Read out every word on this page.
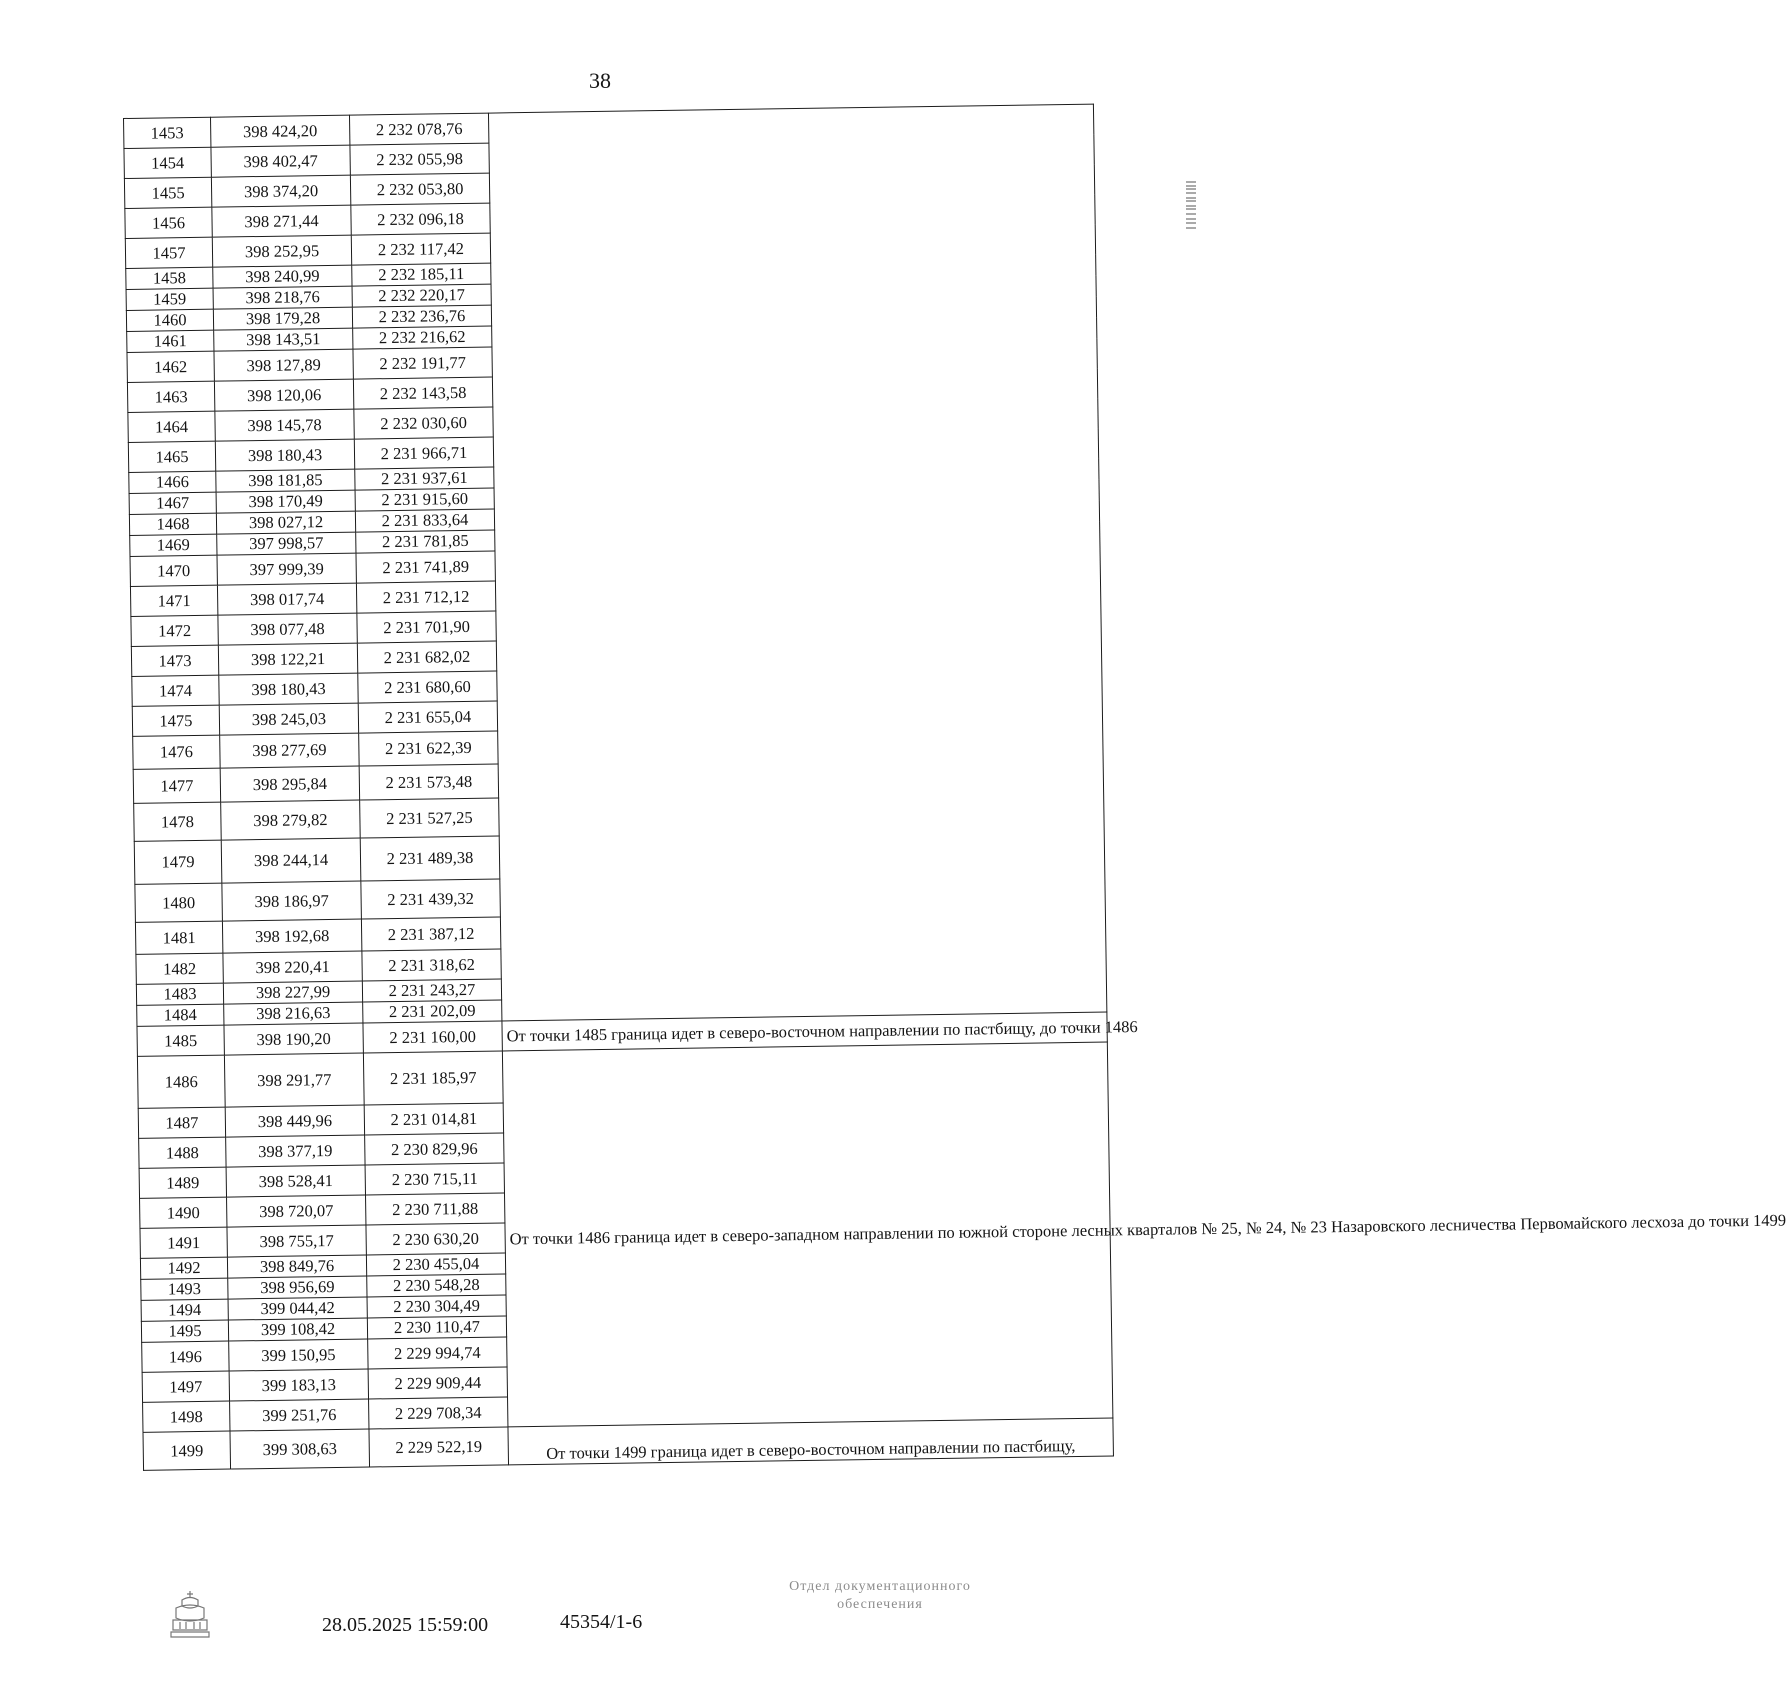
38
1453	398 424,20	2 232 078,76	
1454	398 402,47	2 232 055,98	
1455	398 374,20	2 232 053,80	
1456	398 271,44	2 232 096,18	
1457	398 252,95	2 232 117,42	
1458	398 240,99	2 232 185,11	
1459	398 218,76	2 232 220,17	
1460	398 179,28	2 232 236,76	
1461	398 143,51	2 232 216,62	
1462	398 127,89	2 232 191,77	
1463	398 120,06	2 232 143,58	
1464	398 145,78	2 232 030,60	
1465	398 180,43	2 231 966,71	
1466	398 181,85	2 231 937,61	
1467	398 170,49	2 231 915,60	
1468	398 027,12	2 231 833,64	
1469	397 998,57	2 231 781,85	
1470	397 999,39	2 231 741,89	
1471	398 017,74	2 231 712,12	
1472	398 077,48	2 231 701,90	
1473	398 122,21	2 231 682,02	
1474	398 180,43	2 231 680,60	
1475	398 245,03	2 231 655,04	
1476	398 277,69	2 231 622,39	
1477	398 295,84	2 231 573,48	
1478	398 279,82	2 231 527,25	
1479	398 244,14	2 231 489,38	
1480	398 186,97	2 231 439,32	
1481	398 192,68	2 231 387,12	
1482	398 220,41	2 231 318,62	
1483	398 227,99	2 231 243,27	
1484	398 216,63	2 231 202,09	
1485	398 190,20	2 231 160,00	От точки 1485 граница идет в северо-восточном направлении по пастбищу, до точки 1486
1486	398 291,77	2 231 185,97	От точки 1486 граница идет в северо-западном направлении по южной стороне лесных кварталов № 25, № 24, № 23 Назаровского лесничества Первомайского лесхоза до точки 1499
1487	398 449,96	2 231 014,81	
1488	398 377,19	2 230 829,96	
1489	398 528,41	2 230 715,11	
1490	398 720,07	2 230 711,88	
1491	398 755,17	2 230 630,20	
1492	398 849,76	2 230 455,04	
1493	398 956,69	2 230 548,28	
1494	399 044,42	2 230 304,49	
1495	399 108,42	2 230 110,47	
1496	399 150,95	2 229 994,74	
1497	399 183,13	2 229 909,44	
1498	399 251,76	2 229 708,34	
1499	399 308,63	2 229 522,19	От точки 1499 граница идет в северо-восточном направлении по пастбищу,
28.05.2025 15:59:00	45354/1-6
Отдел документационного
обеспечения
